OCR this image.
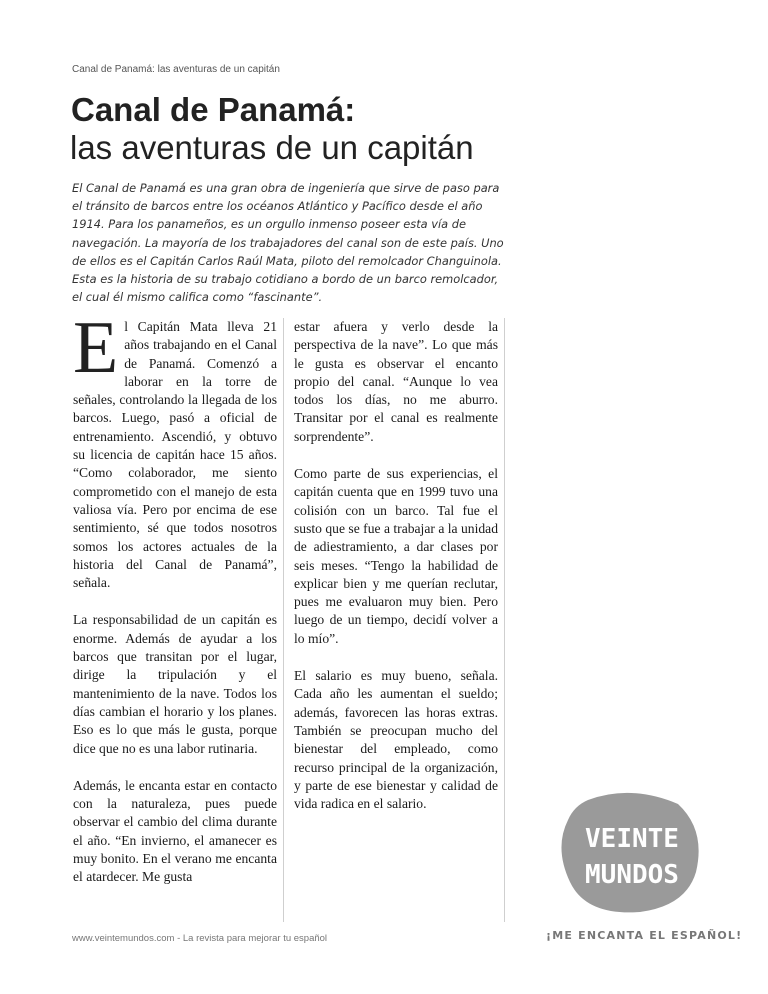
Canal de Panamá: las aventuras de un capitán
Canal de Panamá:
las aventuras de un capitán

El Canal de Panamá es una gran obra de ingeniería que sirve de paso para el tránsito de barcos entre los océanos Atlántico y Pacífico desde el año 1914. Para los panameños, es un orgullo inmenso poseer esta vía de navegación. La mayoría de los trabajadores del canal son de este país. Uno de ellos es el Capitán Carlos Raúl Mata, piloto del remolcador Changuinola. Esta es la historia de su trabajo cotidiano a bordo de un barco remolcador, el cual él mismo califica como “fascinante”.

El Capitán Mata lleva 21 años trabajando en el Canal de Panamá. Comenzó a laborar en la torre de señales, controlando la llegada de los barcos. Luego, pasó a oficial de entrenamiento. Ascendió, y obtuvo su licencia de capitán hace 15 años. “Como colaborador, me siento comprometido con el manejo de esta valiosa vía. Pero por encima de ese sentimiento, sé que todos nosotros somos los actores actuales de la historia del Canal de Panamá”, señala.

La responsabilidad de un capitán es enorme. Además de ayudar a los barcos que transitan por el lugar, dirige la tripulación y el mantenimiento de la nave. Todos los días cambian el horario y los planes. Eso es lo que más le gusta, porque dice que no es una labor rutinaria.

Además, le encanta estar en contacto con la naturaleza, pues puede observar el cambio del clima durante el año. “En invierno, el amanecer es muy bonito. En el verano me encanta el atardecer. Me gusta

estar afuera y verlo desde la perspectiva de la nave”. Lo que más le gusta es observar el encanto propio del canal. “Aunque lo vea todos los días, no me aburro. Transitar por el canal es realmente sorprendente”.

Como parte de sus experiencias, el capitán cuenta que en 1999 tuvo una colisión con un barco. Tal fue el susto que se fue a trabajar a la unidad de adiestramiento, a dar clases por seis meses. “Tengo la habilidad de explicar bien y me querían reclutar, pues me evaluaron muy bien. Pero luego de un tiempo, decidí volver a lo mío”.

El salario es muy bueno, señala. Cada año les aumentan el sueldo; además, favorecen las horas extras. También se preocupan mucho del bienestar del empleado, como recurso principal de la organización, y parte de ese bienestar y calidad de vida radica en el salario.

VEINTE
MUNDOS
¡ME ENCANTA EL ESPAÑOL!
www.veintemundos.com - La revista para mejorar tu español
